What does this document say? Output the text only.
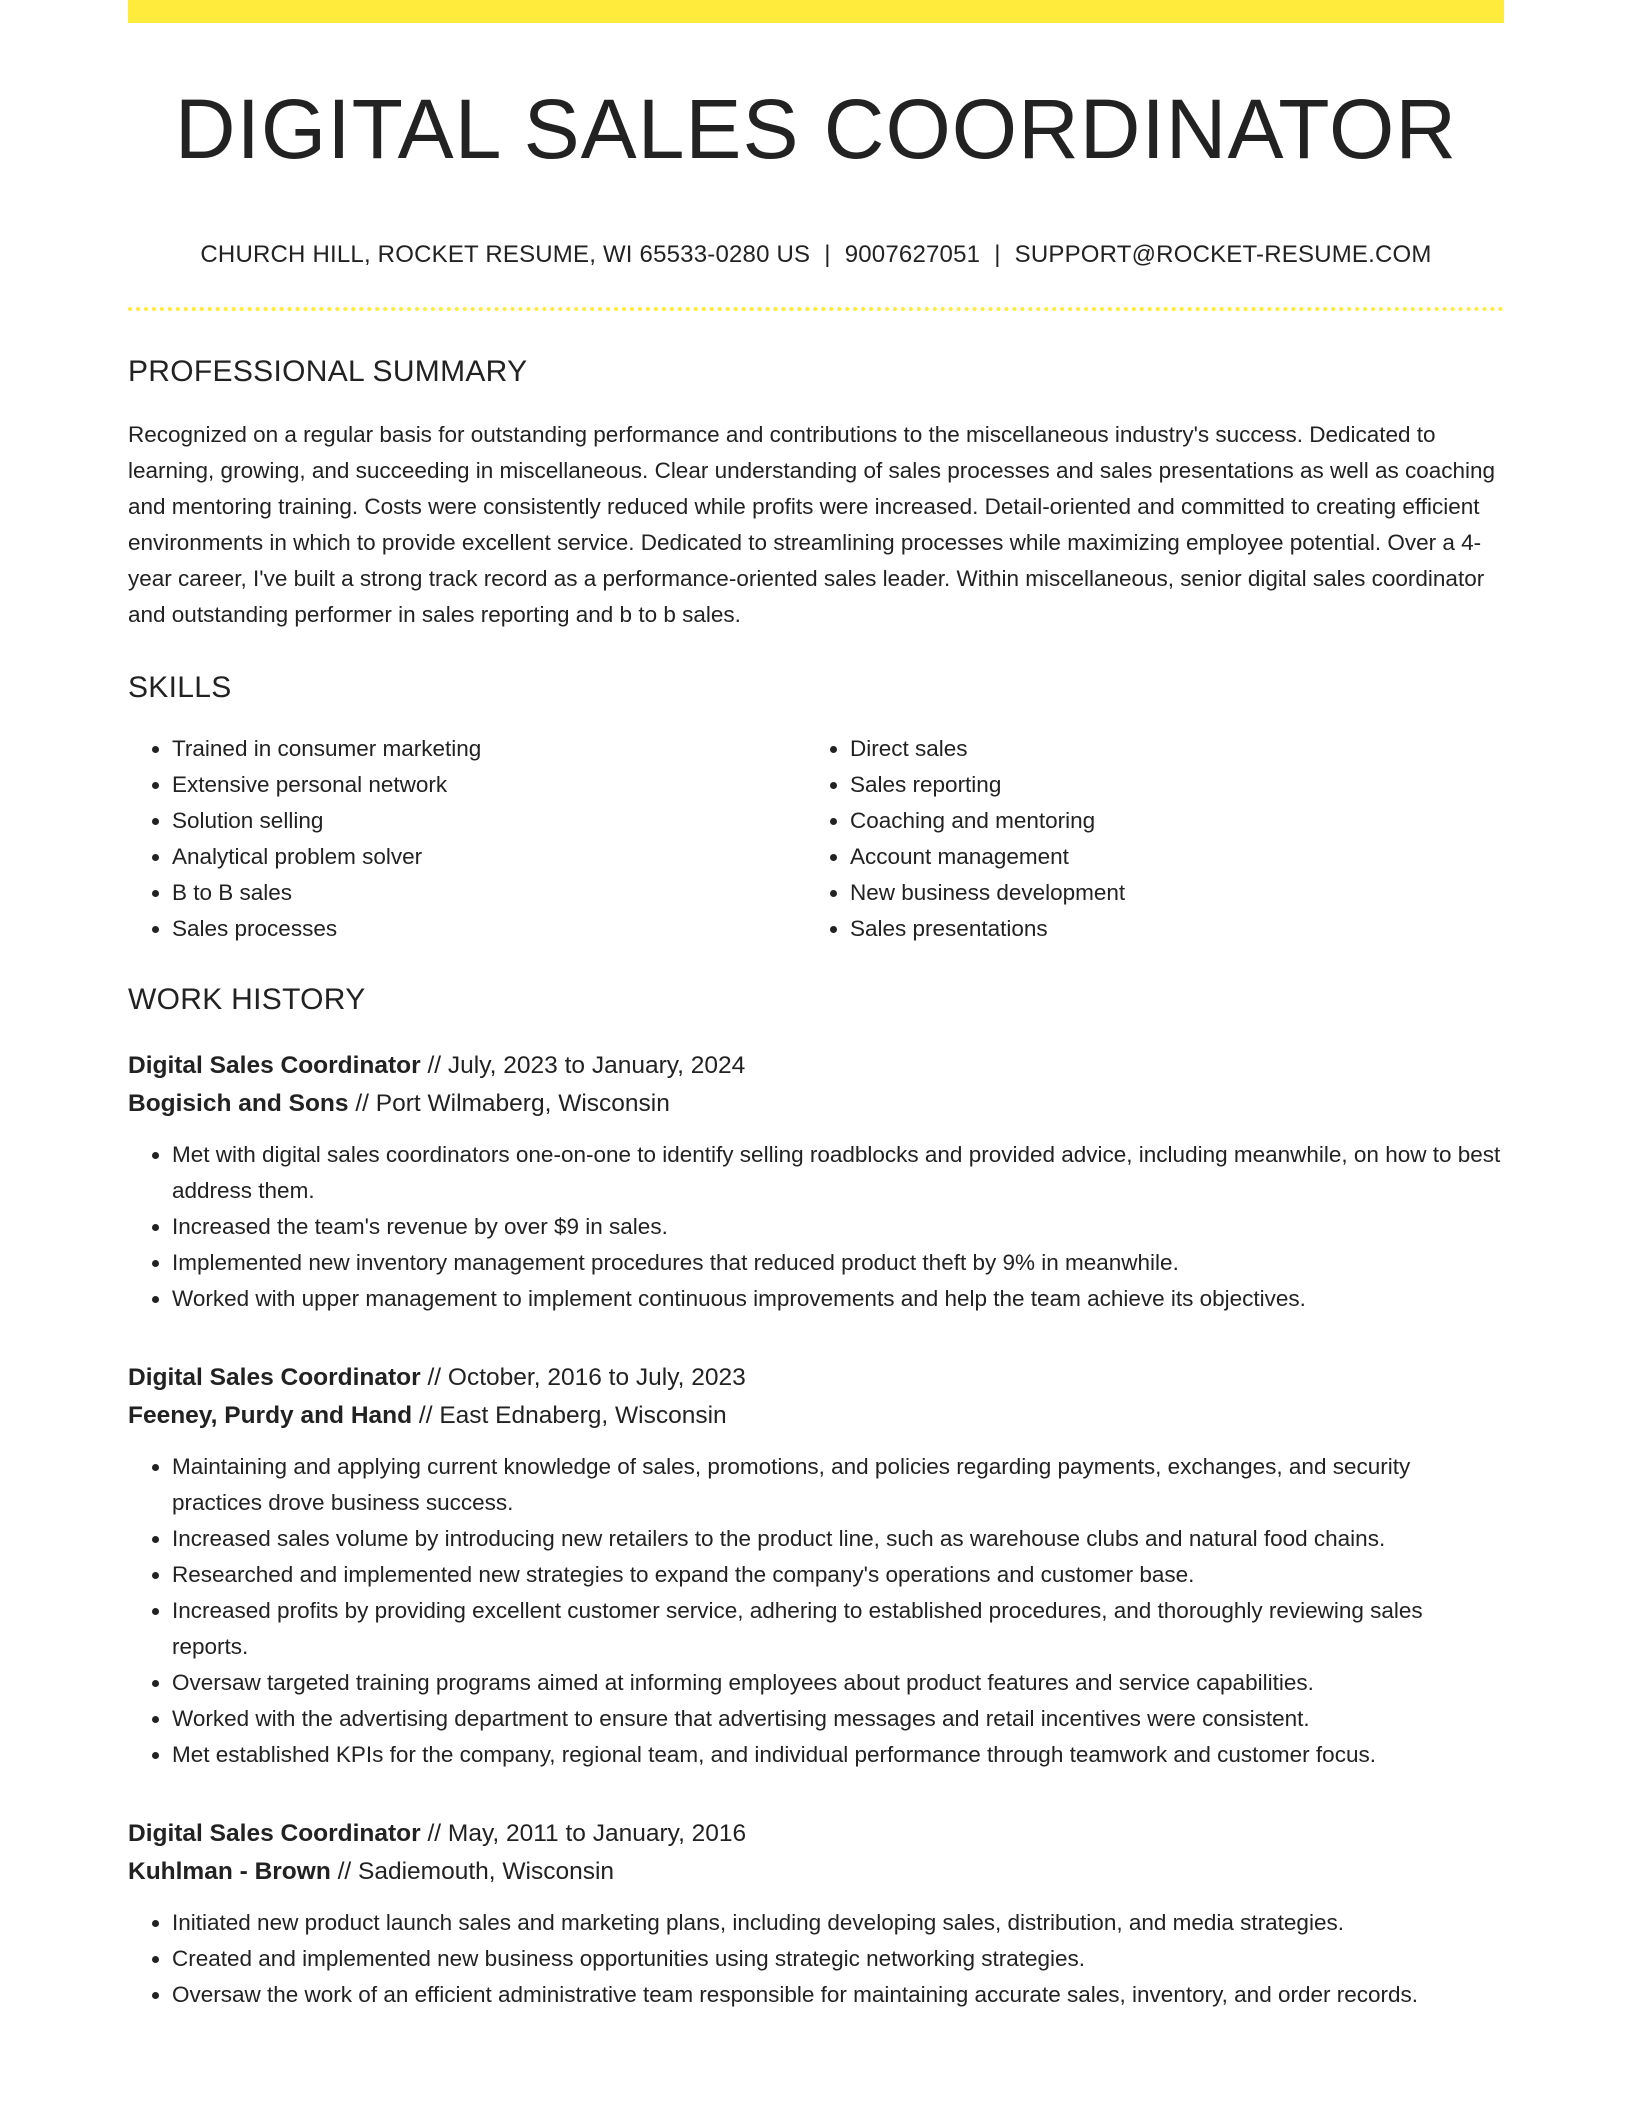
DIGITAL SALES COORDINATOR
CHURCH HILL, ROCKET RESUME, WI 65533-0280 US | 9007627051 | SUPPORT@ROCKET-RESUME.COM
PROFESSIONAL SUMMARY

Recognized on a regular basis for outstanding performance and contributions to the miscellaneous industry's success. Dedicated to learning, growing, and succeeding in miscellaneous. Clear understanding of sales processes and sales presentations as well as coaching and mentoring training. Costs were consistently reduced while profits were increased. Detail-oriented and committed to creating efficient environments in which to provide excellent service. Dedicated to streamlining processes while maximizing employee potential. Over a 4-year career, I've built a strong track record as a performance-oriented sales leader. Within miscellaneous, senior digital sales coordinator and outstanding performer in sales reporting and b to b sales.

SKILLS
• Trained in consumer marketing
• Extensive personal network
• Solution selling
• Analytical problem solver
• B to B sales
• Sales processes
• Direct sales
• Sales reporting
• Coaching and mentoring
• Account management
• New business development
• Sales presentations
WORK HISTORY
Digital Sales Coordinator // July, 2023 to January, 2024
Bogisich and Sons // Port Wilmaberg, Wisconsin
• Met with digital sales coordinators one-on-one to identify selling roadblocks and provided advice, including meanwhile, on how to best address them.
• Increased the team's revenue by over $9 in sales.
• Implemented new inventory management procedures that reduced product theft by 9% in meanwhile.
• Worked with upper management to implement continuous improvements and help the team achieve its objectives.
Digital Sales Coordinator // October, 2016 to July, 2023
Feeney, Purdy and Hand // East Ednaberg, Wisconsin
• Maintaining and applying current knowledge of sales, promotions, and policies regarding payments, exchanges, and security practices drove business success.
• Increased sales volume by introducing new retailers to the product line, such as warehouse clubs and natural food chains.
• Researched and implemented new strategies to expand the company's operations and customer base.
• Increased profits by providing excellent customer service, adhering to established procedures, and thoroughly reviewing sales reports.
• Oversaw targeted training programs aimed at informing employees about product features and service capabilities.
• Worked with the advertising department to ensure that advertising messages and retail incentives were consistent.
• Met established KPIs for the company, regional team, and individual performance through teamwork and customer focus.
Digital Sales Coordinator // May, 2011 to January, 2016
Kuhlman - Brown // Sadiemouth, Wisconsin
• Initiated new product launch sales and marketing plans, including developing sales, distribution, and media strategies.
• Created and implemented new business opportunities using strategic networking strategies.
• Oversaw the work of an efficient administrative team responsible for maintaining accurate sales, inventory, and order records.
